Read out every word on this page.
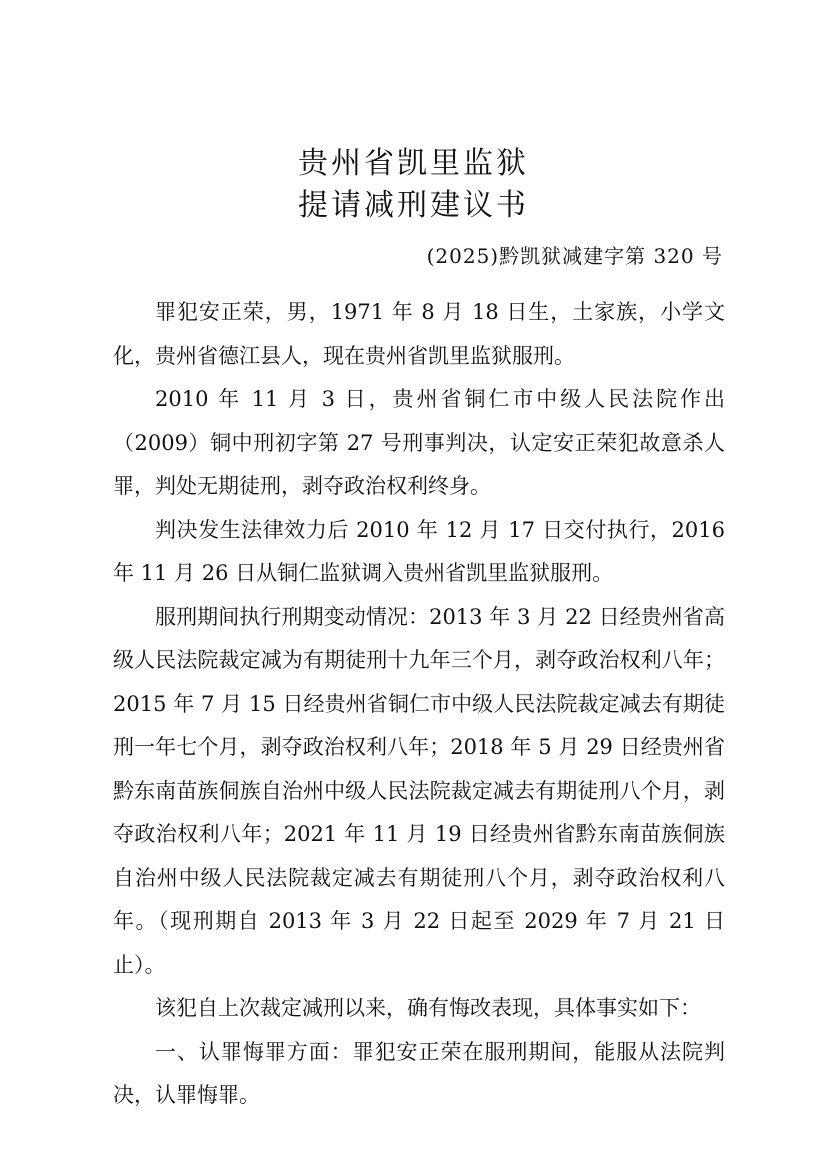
贵州省凯里监狱
提请减刑建议书
(2025)黔凯狱减建字第 320 号

罪犯安正荣，男，1971 年 8 月 18 日生，土家族，小学文化，贵州省德江县人，现在贵州省凯里监狱服刑。

2010 年 11 月 3 日，贵州省铜仁市中级人民法院作出（2009）铜中刑初字第 27 号刑事判决，认定安正荣犯故意杀人罪，判处无期徒刑，剥夺政治权利终身。

判决发生法律效力后 2010 年 12 月 17 日交付执行，2016 年 11 月 26 日从铜仁监狱调入贵州省凯里监狱服刑。

服刑期间执行刑期变动情况：2013 年 3 月 22 日经贵州省高级人民法院裁定减为有期徒刑十九年三个月，剥夺政治权利八年；2015 年 7 月 15 日经贵州省铜仁市中级人民法院裁定减去有期徒刑一年七个月，剥夺政治权利八年；2018 年 5 月 29 日经贵州省黔东南苗族侗族自治州中级人民法院裁定减去有期徒刑八个月，剥夺政治权利八年；2021 年 11 月 19 日经贵州省黔东南苗族侗族自治州中级人民法院裁定减去有期徒刑八个月，剥夺政治权利八年。（现刑期自 2013 年 3 月 22 日起至 2029 年 7 月 21 日止）。

该犯自上次裁定减刑以来，确有悔改表现，具体事实如下：

一、认罪悔罪方面：罪犯安正荣在服刑期间，能服从法院判决，认罪悔罪。
